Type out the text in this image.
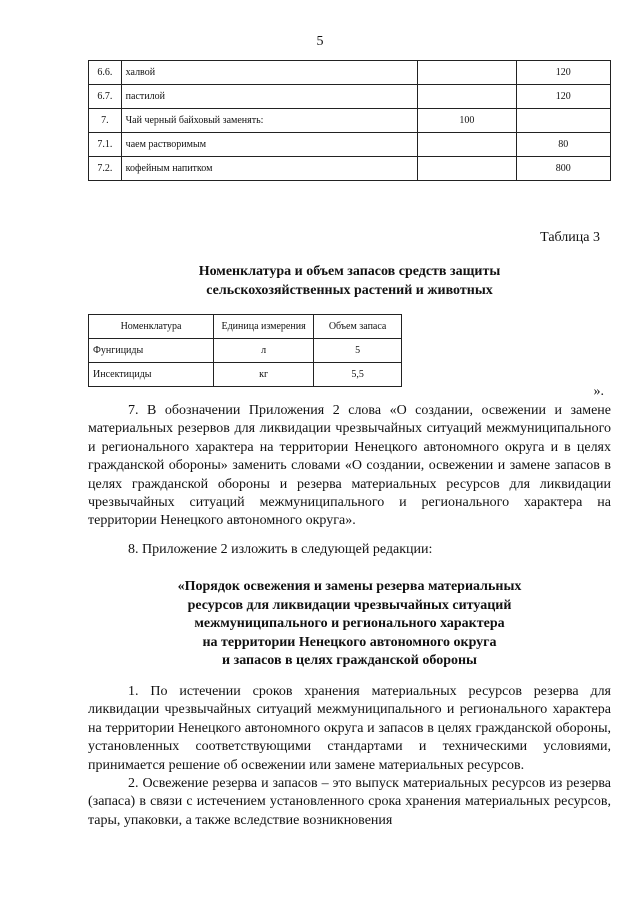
5
6.6.	халвой		120
6.7.	пастилой		120
7.	Чай черный байховый заменять:	100	
7.1.	чаем растворимым		80
7.2.	кофейным напитком		800
Таблица 3
Номенклатура и объем запасов средств защиты
сельскохозяйственных растений и животных
Номенклатура	Единица измерения	Объем запаса
Фунгициды	л	5
Инсектициды	кг	5,5
».

7. В обозначении Приложения 2 слова «О создании, освежении и замене материальных резервов для ликвидации чрезвычайных ситуаций межмуниципального и регионального характера на территории Ненецкого автономного округа и в целях гражданской обороны» заменить словами «О создании, освежении и замене запасов в целях гражданской обороны и резерва материальных ресурсов для ликвидации чрезвычайных ситуаций межмуниципального и регионального характера на территории Ненецкого автономного округа».

8. Приложение 2 изложить в следующей редакции:

«Порядок освежения и замены резерва материальных
ресурсов для ликвидации чрезвычайных ситуаций
межмуниципального и регионального характера
на территории Ненецкого автономного округа
и запасов в целях гражданской обороны

1. По истечении сроков хранения материальных ресурсов резерва для ликвидации чрезвычайных ситуаций межмуниципального и регионального характера на территории Ненецкого автономного округа и запасов в целях гражданской обороны, установленных соответствующими стандартами и техническими условиями, принимается решение об освежении или замене материальных ресурсов.

2. Освежение резерва и запасов – это выпуск материальных ресурсов из резерва (запаса) в связи с истечением установленного срока хранения материальных ресурсов, тары, упаковки, а также вследствие возникновения
